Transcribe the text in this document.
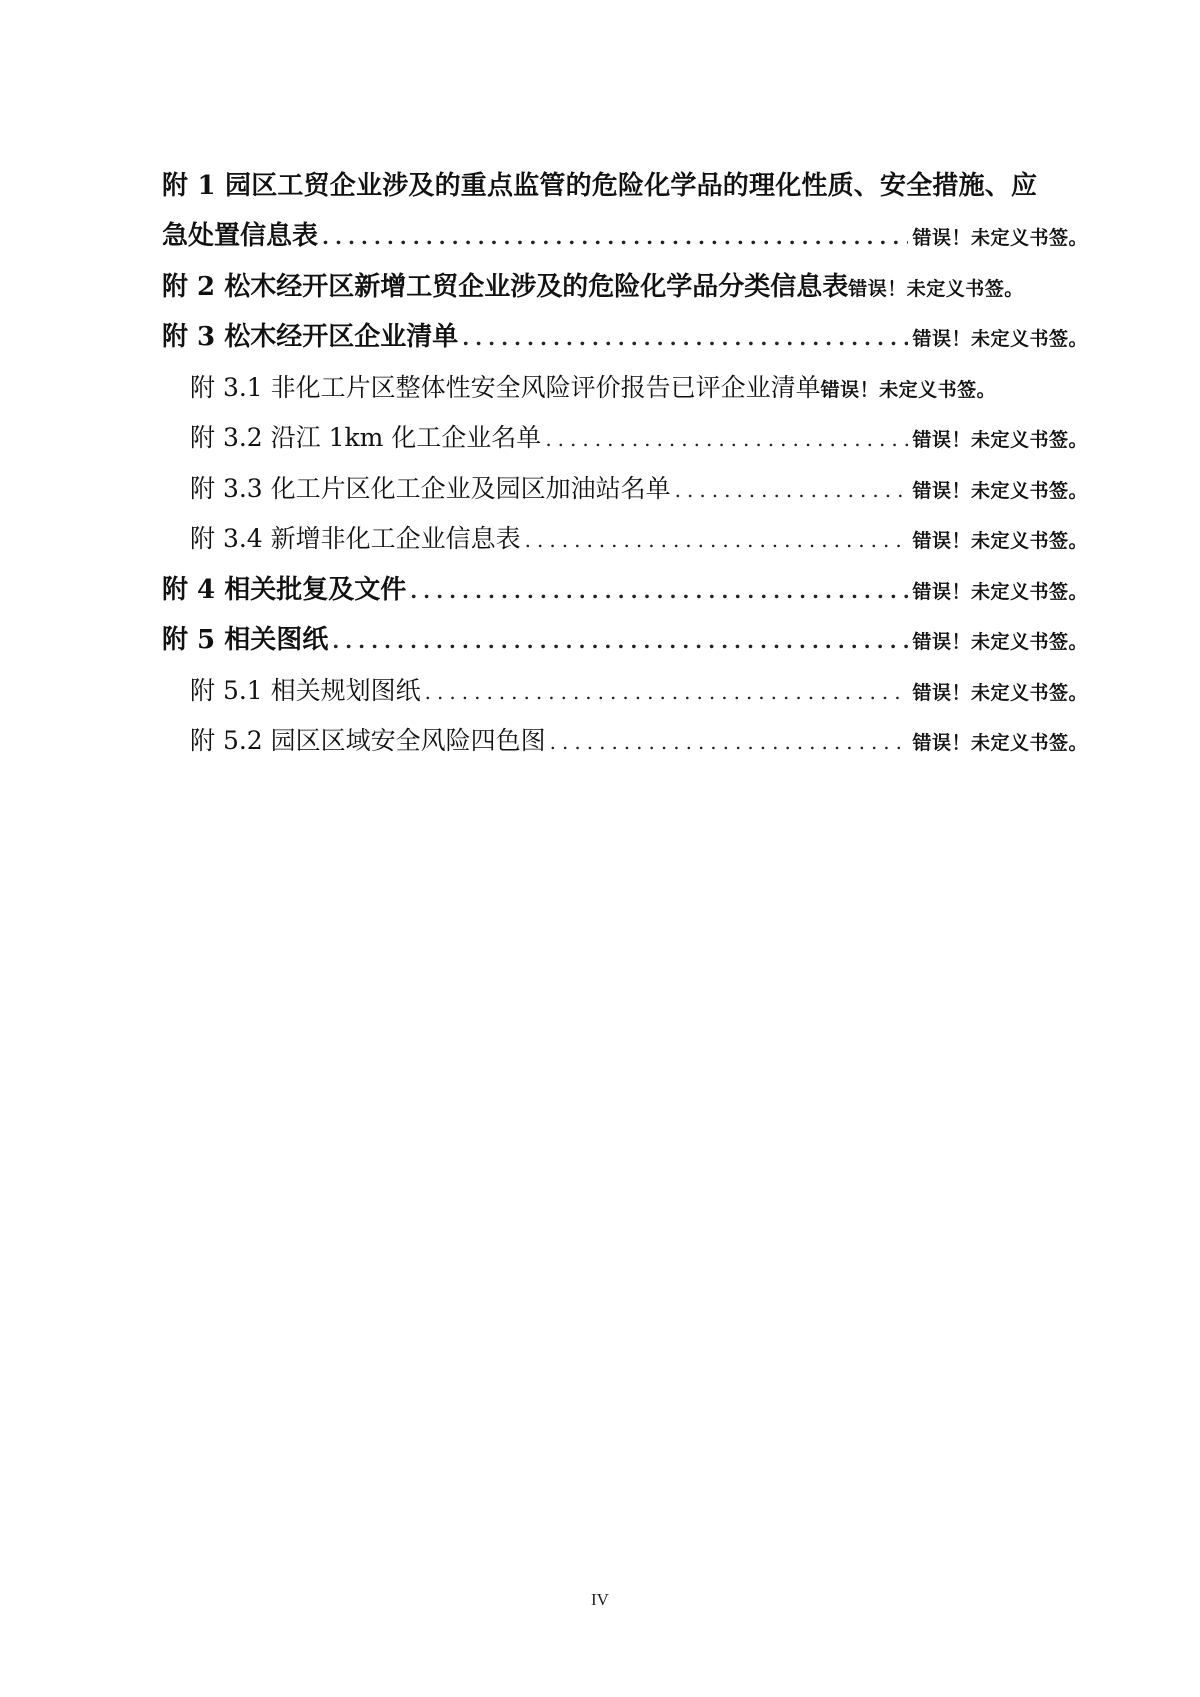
附 1 园区工贸企业涉及的重点监管的危险化学品的理化性质、安全措施、应
急处置信息表 .....	错误！未定义书签。
附 2 松木经开区新增工贸企业涉及的危险化学品分类信息表 错误！未定义书签。
附 3 松木经开区企业清单 .....	错误！未定义书签。
附 3.1 非化工片区整体性安全风险评价报告已评企业清单 错误！未定义书签。
附 3.2 沿江 1km 化工企业名单 .....	错误！未定义书签。
附 3.3 化工片区化工企业及园区加油站名单 .....	错误！未定义书签。
附 3.4 新增非化工企业信息表 .....	错误！未定义书签。
附 4 相关批复及文件 .....	错误！未定义书签。
附 5 相关图纸 .....	错误！未定义书签。
附 5.1 相关规划图纸 .....	错误！未定义书签。
附 5.2 园区区域安全风险四色图 .....	错误！未定义书签。
IV
